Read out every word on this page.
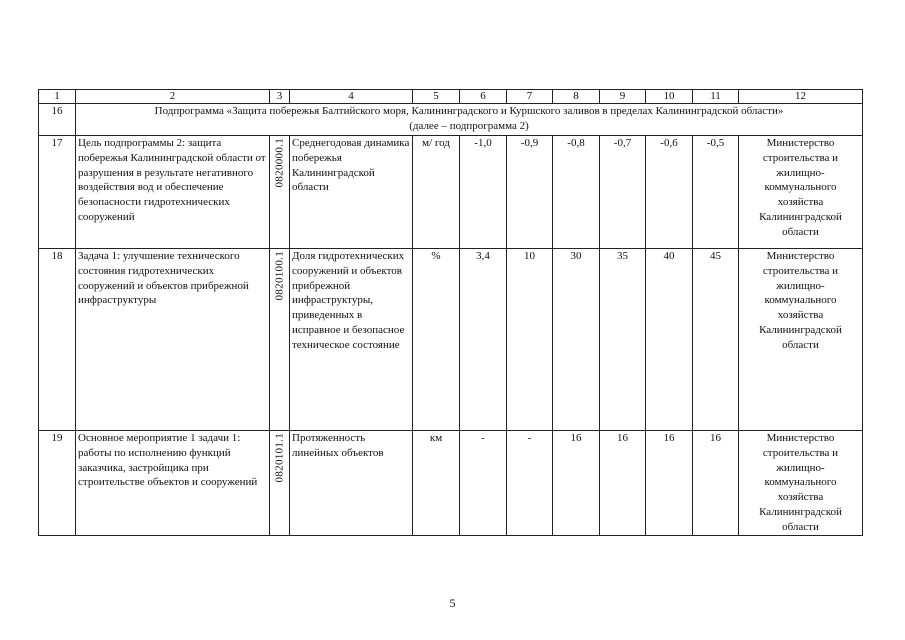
1	2	3	4	5	6	7	8	9	10	11	12
16	Подпрограмма «Защита побережья Балтийского моря, Калининградского и Куршского заливов в пределах Калининградской области»
(далее – подпрограмма 2)										

17	Цель подпрограммы 2: защита побережья Калининградской области от разрушения в результате негативного воздействия вод и обеспечение безопасности гидротехнических сооружений	0820000.1	Среднегодовая динамика побережья Калининградской области	м/ год	-1,0	-0,9	-0,8	-0,7	-0,6	-0,5	Министерство строительства и жилищно-коммунального хозяйства Калининградской области
18	Задача 1: улучшение технического состояния гидротехнических сооружений и объектов прибрежной инфраструктуры	0820100.1	Доля гидротехнических сооружений и объектов прибрежной инфраструктуры, приведенных в исправное и безопасное техническое состояние	%	3,4	10	30	35	40	45	Министерство строительства и жилищно-коммунального хозяйства Калининградской области
19	Основное мероприятие 1 задачи 1: работы по исполнению функций заказчика, застройщика при строительстве объектов и сооружений	0820101.1	Протяженность линейных объектов	км	-	-	16	16	16	16	Министерство строительства и жилищно-коммунального хозяйства Калининградской области
5
